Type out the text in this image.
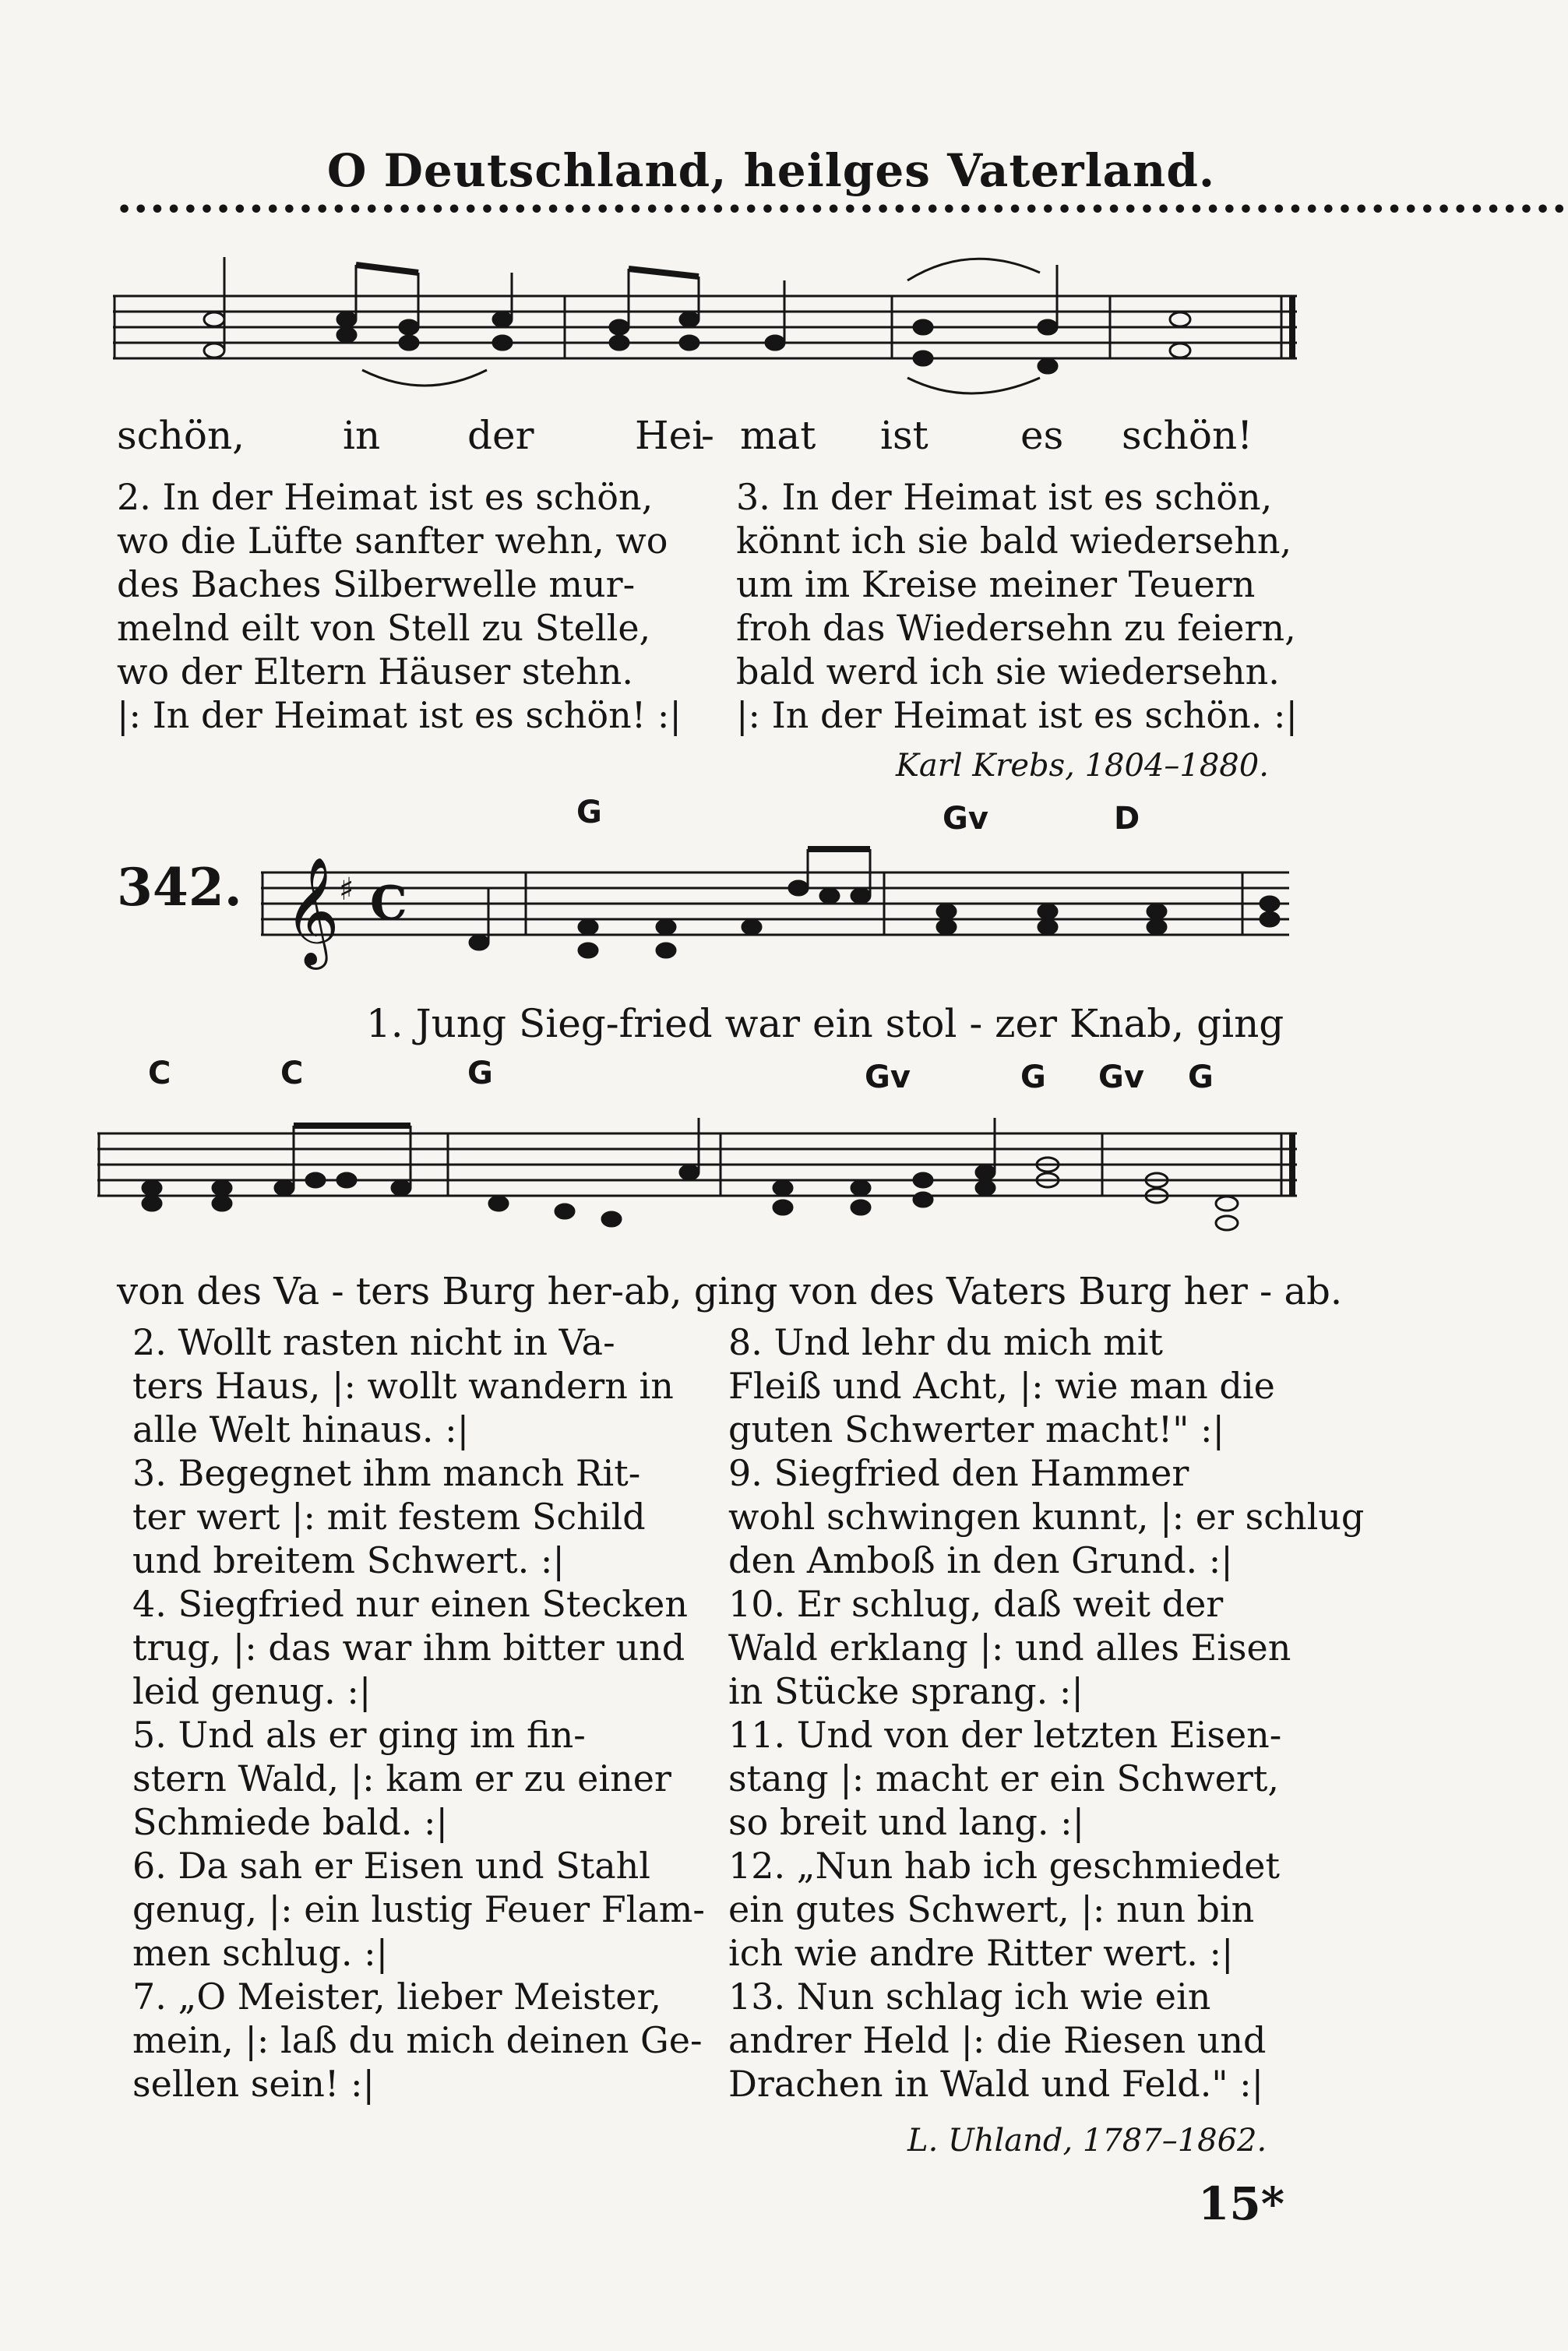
O Deutschland, heilges Vaterland.
••••••••••••••••••••••••••••••••••••••••••••••••••••••••••••••••••••••••••••••••••••••••
schön,	in der	Hei
- mat ist es schön!
2. In der Heimat ist es schön,
wo die Lüfte sanfter wehn, wo
des Baches Silberwelle mur-
melnd eilt von Stell zu Stelle,
wo der Eltern Häuser stehn.
|: In der Heimat ist es schön! :|
3. In der Heimat ist es schön,
könnt ich sie bald wiedersehn,
um im Kreise meiner Teuern
froh das Wiedersehn zu feiern,
bald werd ich sie wiedersehn.
|: In der Heimat ist es schön. :|
Karl Krebs, 1804–1880.
342.
G	Gv	D
𝄞 ♯ C
1. Jung Sieg-fried war ein stol - zer Knab, ging
C	C	G	Gv	G Gv G
von des Va - ters Burg her-ab, ging von des Vaters Burg her - ab.
2. Wollt rasten nicht in Va-
ters Haus, |: wollt wandern in
alle Welt hinaus. :|
3. Begegnet ihm manch Rit-
ter wert |: mit festem Schild
und breitem Schwert. :|
4. Siegfried nur einen Stecken
trug, |: das war ihm bitter und
leid genug. :|
5. Und als er ging im fin-
stern Wald, |: kam er zu einer
Schmiede bald. :|
6. Da sah er Eisen und Stahl
genug, |: ein lustig Feuer Flam-
men schlug. :|
7. „O Meister, lieber Meister,
mein, |: laß du mich deinen Ge-
sellen sein! :|
8. Und lehr du mich mit
Fleiß und Acht, |: wie man die
guten Schwerter macht!" :|
9. Siegfried den Hammer
wohl schwingen kunnt, |: er schlug
den Amboß in den Grund. :|
10. Er schlug, daß weit der
Wald erklang |: und alles Eisen
in Stücke sprang. :|
11. Und von der letzten Eisen-
stang |: macht er ein Schwert,
so breit und lang. :|
12. „Nun hab ich geschmiedet
ein gutes Schwert, |: nun bin
ich wie andre Ritter wert. :|
13. Nun schlag ich wie ein
andrer Held |: die Riesen und
Drachen in Wald und Feld." :|
L. Uhland, 1787–1862.
15*
